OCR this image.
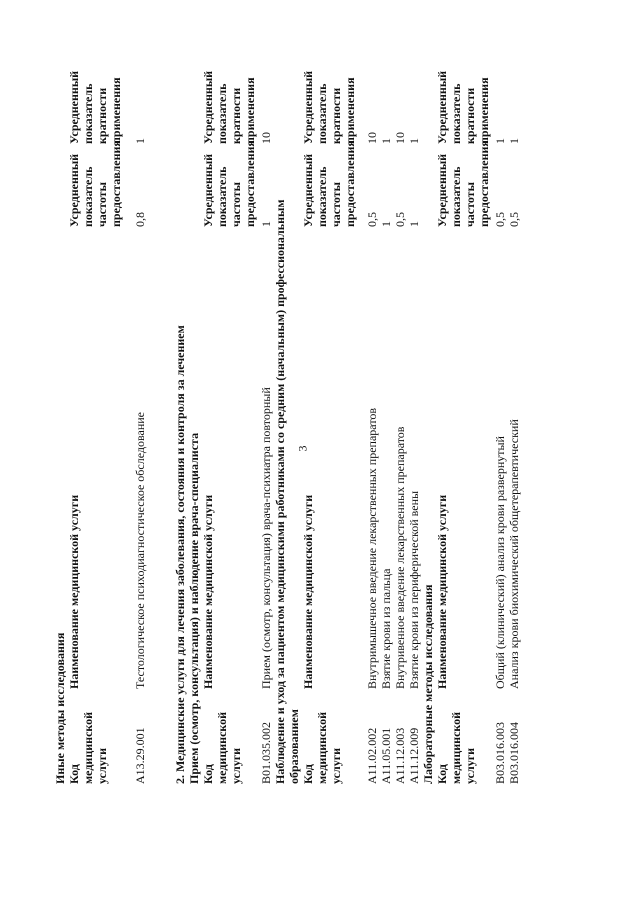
3
Иные методы исследования Код
медицинской
услуги
Наименование медицинской услуги
Усредненный
показатель
частоты
предоставления
Усредненный
показатель
кратности
применения
A13.29.001
Тестологическое психодиагностическое обследование
0,8
1
2. Медицинские услуги для лечения заболевания, состояния и контроля за лечением Прием (осмотр, консультация) и наблюдение врача-специалиста Код
медицинской
услуги
Наименование медицинской услуги
Усредненный
показатель
частоты
предоставления
Усредненный
показатель
кратности
применения
B01.035.002
Прием (осмотр, консультация) врача-психиатра повторный
1
10
Наблюдение и уход за пациентом медицинскими работниками со средним (начальным) профессиональным образованием Код
медицинской
услуги
Наименование медицинской услуги
Усредненный
показатель
частоты
предоставления
Усредненный
показатель
кратности
применения
A11.02.002
Внутримышечное введение лекарственных препаратов
0,5
10
A11.05.001
Взятие крови из пальца
1
1
A11.12.003
Внутривенное введение лекарственных препаратов
0,5
10
A11.12.009
Взятие крови из периферической вены
1
1
Лабораторные методы исследования Код
медицинской
услуги
Наименование медицинской услуги
Усредненный
показатель
частоты
предоставления
Усредненный
показатель
кратности
применения
B03.016.003
Общий (клинический) анализ крови развернутый
0,5
1
B03.016.004
Анализ крови биохимический общетерапевтический
0,5
1
